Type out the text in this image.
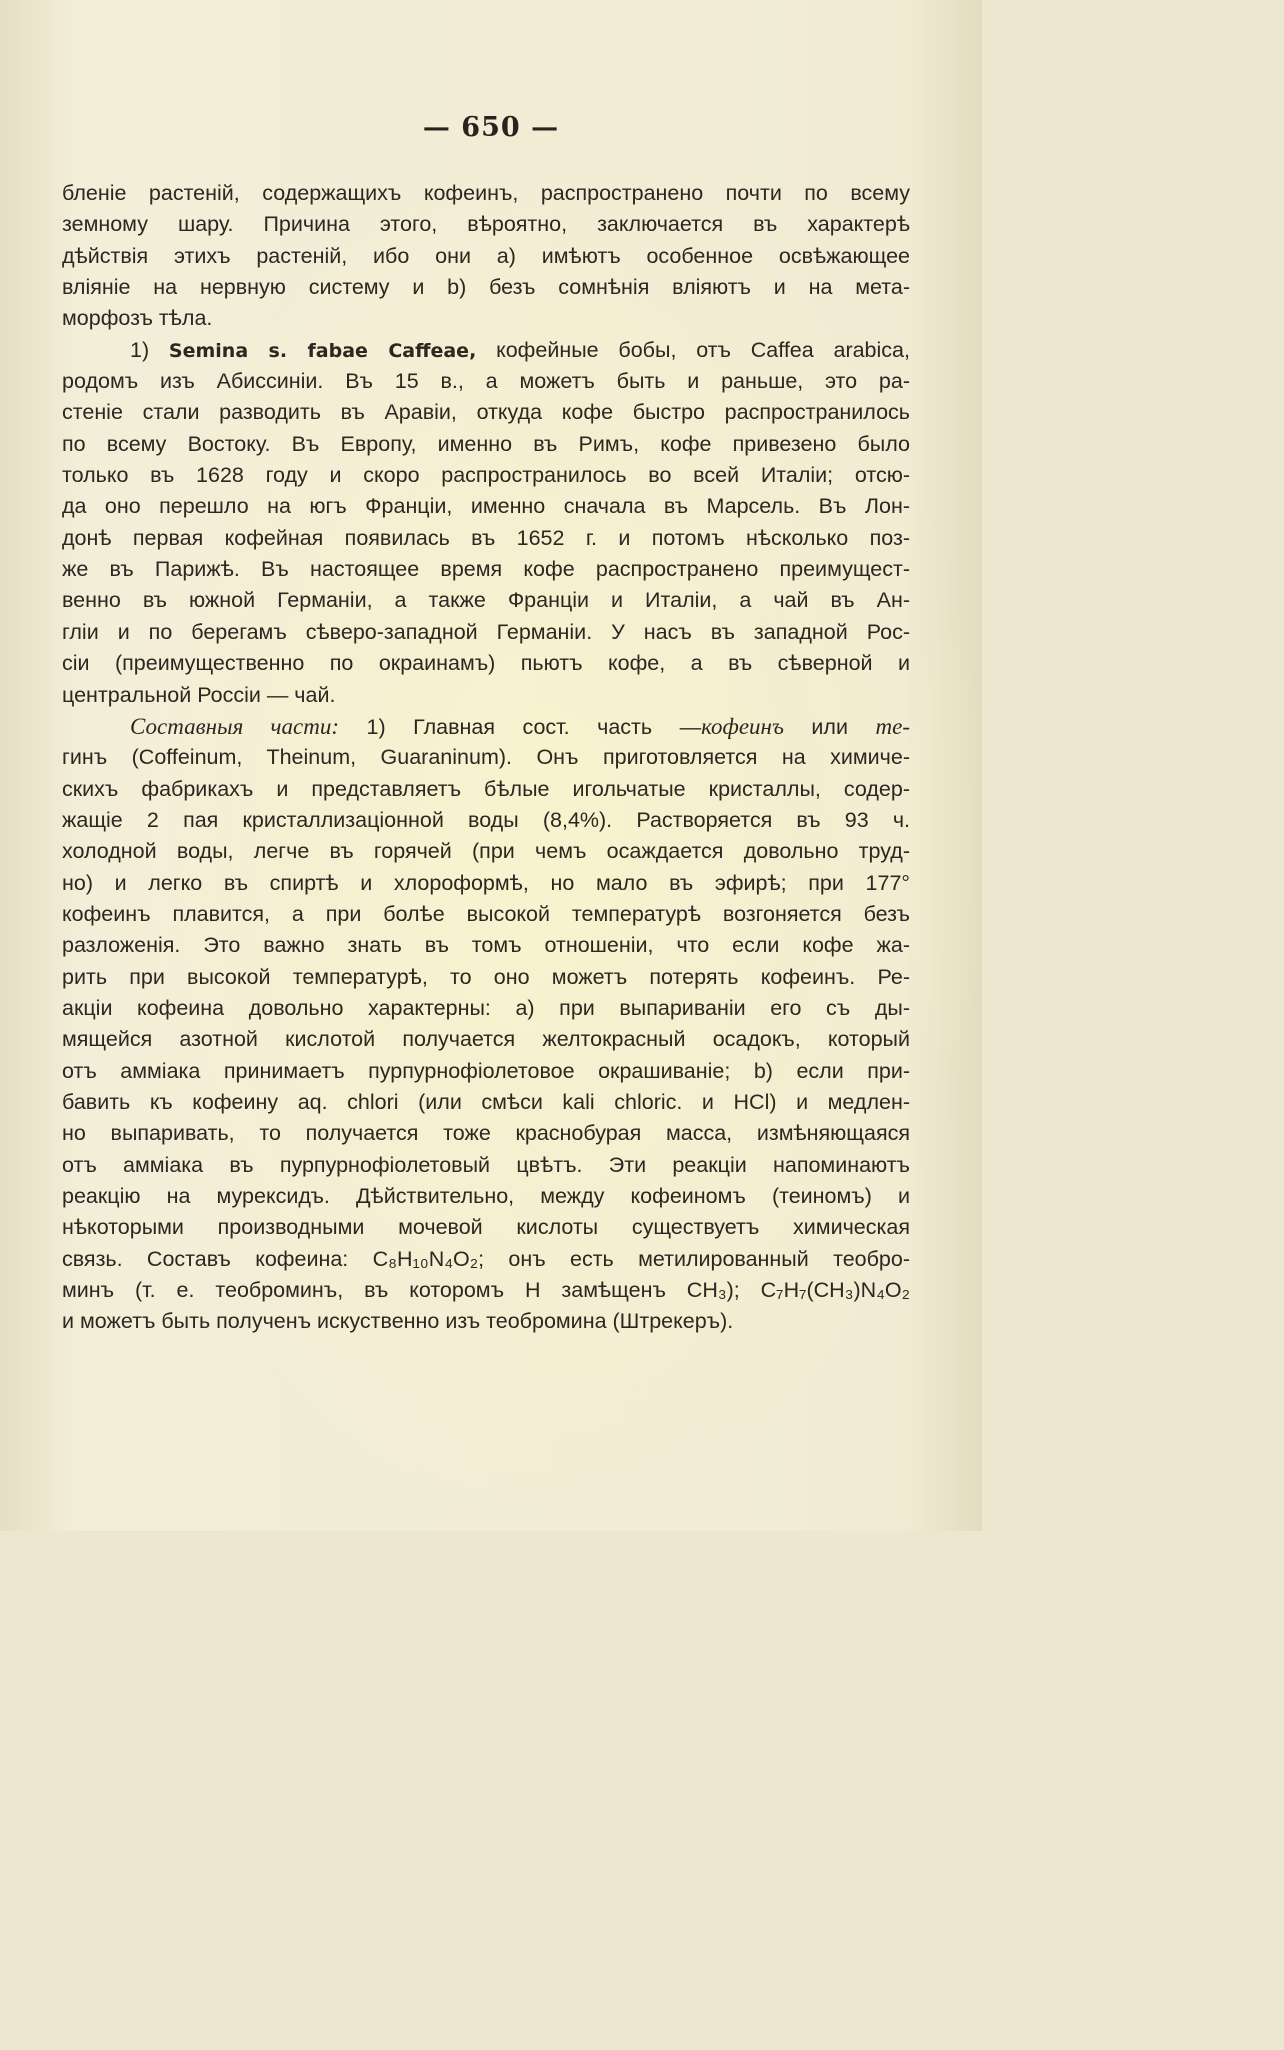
— 650 —
бленіе растеній, содержащихъ кофеинъ, распространено почти по всему
земному шару. Причина этого, вѣроятно, заключается въ характерѣ
дѣйствія этихъ растеній, ибо они a) имѣютъ особенное освѣжающее
вліяніе на нервную систему и b) безъ сомнѣнія вліяютъ и на мета-
морфозъ тѣла.
1) Semina s. fabae Caffeae, кофейные бобы, отъ Caffea arabica,
родомъ изъ Абиссиніи. Въ 15 в., а можетъ быть и раньше, это ра-
стеніе стали разводить въ Аравіи, откуда кофе быстро распространилось
по всему Востоку. Въ Европу, именно въ Римъ, кофе привезено было
только въ 1628 году и скоро распространилось во всей Италіи; отсю-
да оно перешло на югъ Франціи, именно сначала въ Марсель. Въ Лон-
донѣ первая кофейная появилась въ 1652 г. и потомъ нѣсколько поз-
же въ Парижѣ. Въ настоящее время кофе распространено преимущест-
венно въ южной Германіи, а также Франціи и Италіи, а чай въ Ан-
гліи и по берегамъ сѣверо-западной Германіи. У насъ въ западной Рос-
сіи (преимущественно по окраинамъ) пьютъ кофе, а въ сѣверной и
центральной Россіи — чай.
Составныя части: 1) Главная сост. часть —кофеинъ или те-
гинъ (Coffeinum, Theinum, Guaraninum). Онъ приготовляется на химиче-
скихъ фабрикахъ и представляетъ бѣлые игольчатые кристаллы, содер-
жащіе 2 пая кристаллизаціонной воды (8,4%). Растворяется въ 93 ч.
холодной воды, легче въ горячей (при чемъ осаждается довольно труд-
но) и легко въ спиртѣ и хлороформѣ, но мало въ эфирѣ; при 177°
кофеинъ плавится, а при болѣе высокой температурѣ возгоняется безъ
разложенія. Это важно знать въ томъ отношеніи, что если кофе жа-
рить при высокой температурѣ, то оно можетъ потерять кофеинъ. Ре-
акціи кофеина довольно характерны: a) при выпариваніи его съ ды-
мящейся азотной кислотой получается желтокрасный осадокъ, который
отъ аммiака принимаетъ пурпурнофіолетовое окрашиваніе; b) если при-
бавить къ кофеину aq. chlori (или смѣси kali chloric. и HCl) и медлен-
но выпаривать, то получается тоже краснобурая масса, измѣняющаяся
отъ аммiака въ пурпурнофіолетовый цвѣтъ. Эти реакціи напоминаютъ
реакцію на мурексидъ. Дѣйствительно, между кофеиномъ (теиномъ) и
нѣкоторыми производными мочевой кислоты существуетъ химическая
связь. Составъ кофеина: C₈H₁₀N₄O₂; онъ есть метилированный теобро-
минъ (т. е. теоброминъ, въ которомъ H замѣщенъ CH₃); C₇H₇(CH₃)N₄O₂
и можетъ быть полученъ искуственно изъ теобромина (Штрекеръ).
